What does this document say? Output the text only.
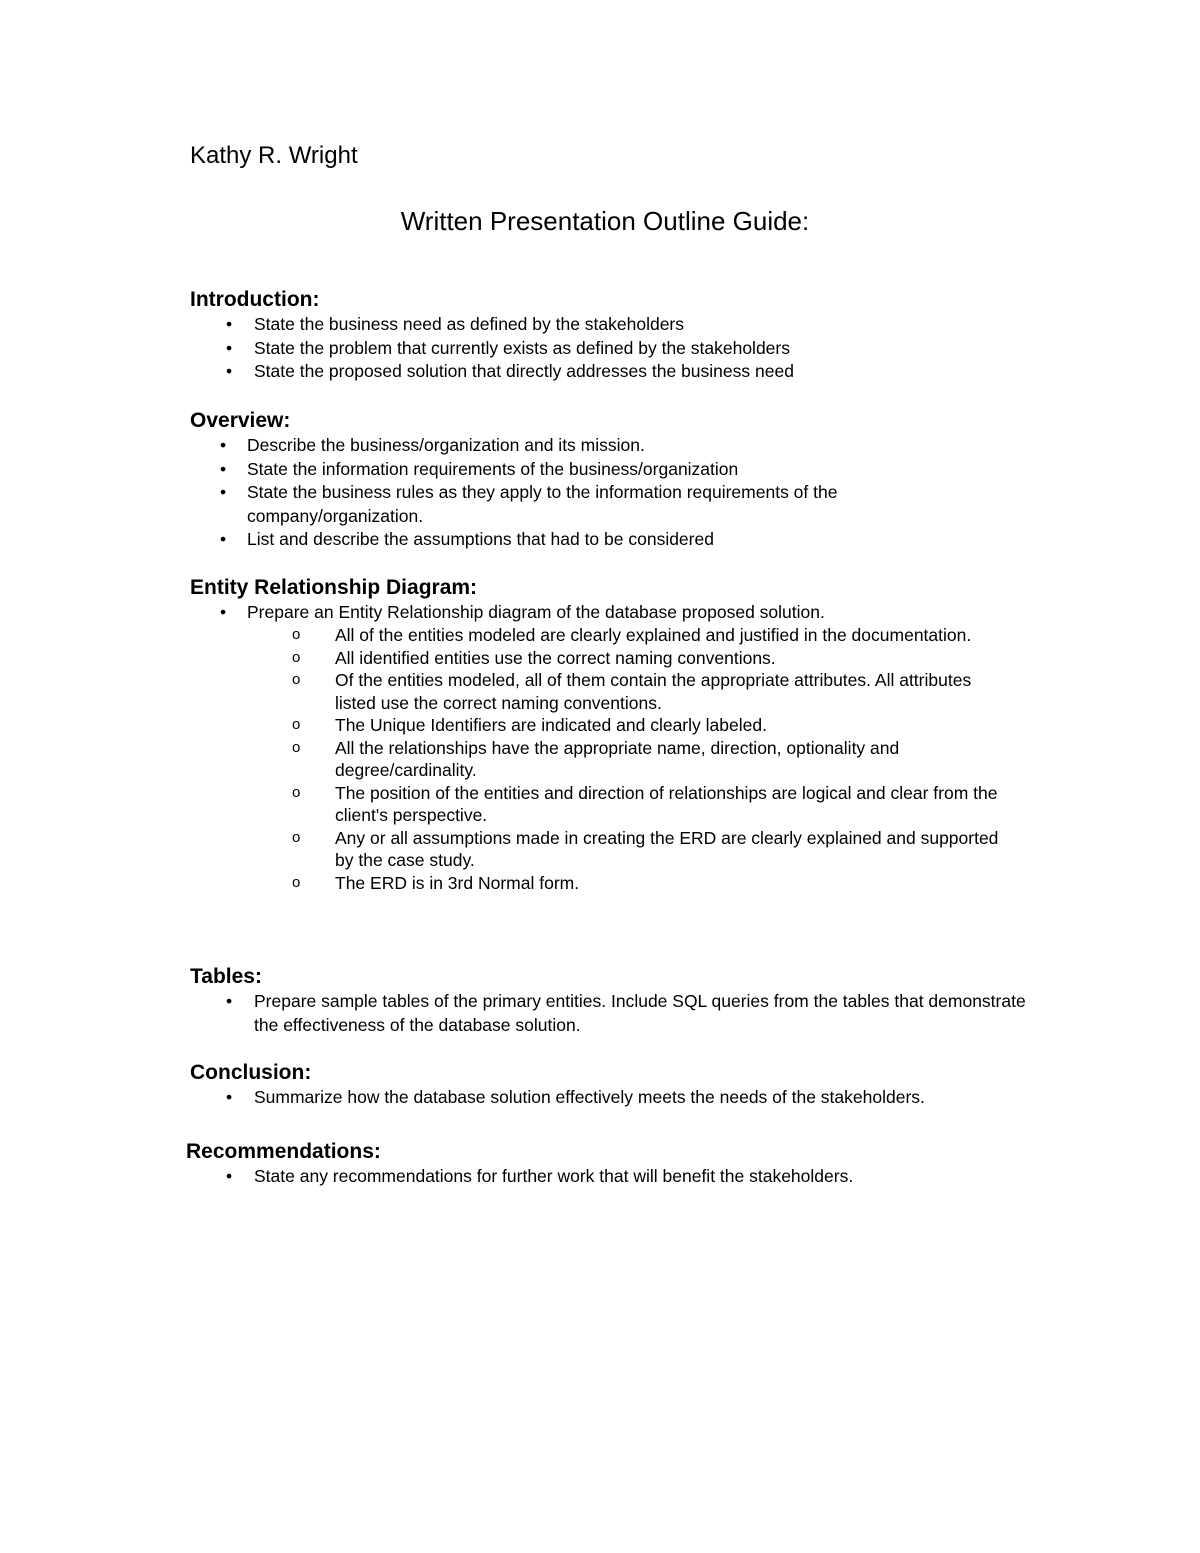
Kathy R. Wright

Written Presentation Outline Guide:
Introduction:
• State the business need as defined by the stakeholders
• State the problem that currently exists as defined by the stakeholders
• State the proposed solution that directly addresses the business need
Overview:
• Describe the business/organization and its mission.
• State the information requirements of the business/organization
• State the business rules as they apply to the information requirements of the company/organization.
• List and describe the assumptions that had to be considered
Entity Relationship Diagram:
• Prepare an Entity Relationship diagram of the database proposed solution.
o All of the entities modeled are clearly explained and justified in the documentation.
o All identified entities use the correct naming conventions.
o Of the entities modeled, all of them contain the appropriate attributes. All attributes listed use the correct naming conventions.
o The Unique Identifiers are indicated and clearly labeled.
o All the relationships have the appropriate name, direction, optionality and degree/cardinality.
o The position of the entities and direction of relationships are logical and clear from the client's perspective.
o Any or all assumptions made in creating the ERD are clearly explained and supported by the case study.
o The ERD is in 3rd Normal form.
Tables:
• Prepare sample tables of the primary entities. Include SQL queries from the tables that demonstrate the effectiveness of the database solution.
Conclusion:
• Summarize how the database solution effectively meets the needs of the stakeholders.
Recommendations:
• State any recommendations for further work that will benefit the stakeholders.
